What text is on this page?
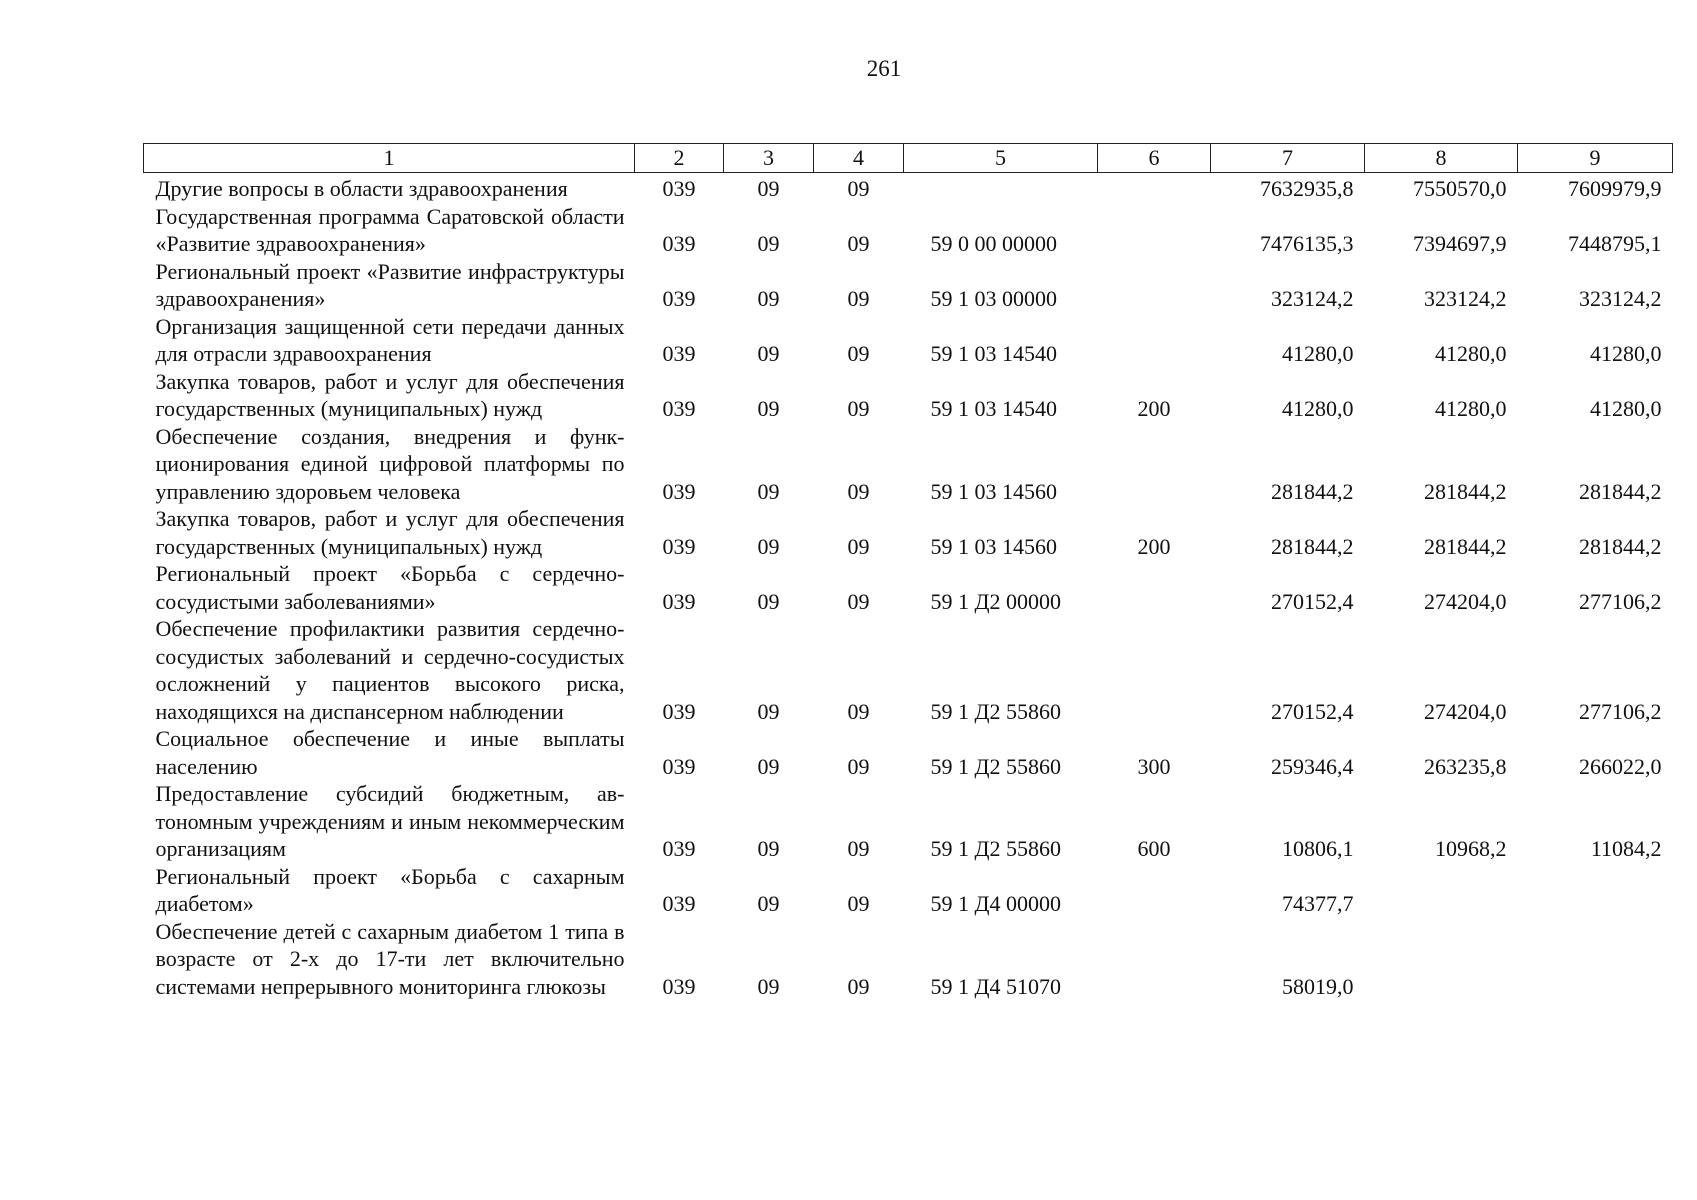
261
1	2	3	4	5	6	7	8	9
Другие вопросы в области здравоохранения	039	09	09			7632935,8	7550570,0	7609979,9
Государственная программа Саратовской области «Развитие здравоохранения»	039	09	09	59 0 00 00000		7476135,3	7394697,9	7448795,1
Региональный проект «Развитие инфраструктуры здравоохранения»	039	09	09	59 1 03 00000		323124,2	323124,2	323124,2
Организация защищенной сети передачи данных для отрасли здравоохранения	039	09	09	59 1 03 14540		41280,0	41280,0	41280,0
Закупка товаров, работ и услуг для обеспечения государственных (муниципальных) нужд	039	09	09	59 1 03 14540	200	41280,0	41280,0	41280,0
Обеспечение создания, внедрения и функционирования единой цифровой платформы по управлению здоровьем человека	039	09	09	59 1 03 14560		281844,2	281844,2	281844,2
Закупка товаров, работ и услуг для обеспечения государственных (муниципальных) нужд	039	09	09	59 1 03 14560	200	281844,2	281844,2	281844,2
Региональный проект «Борьба с сердечно-сосудистыми заболеваниями»	039	09	09	59 1 Д2 00000		270152,4	274204,0	277106,2
Обеспечение профилактики развития сердечно-сосудистых заболеваний и сердечно-сосудистых осложнений у пациентов высокого риска, находящихся на диспансерном наблюдении	039	09	09	59 1 Д2 55860		270152,4	274204,0	277106,2
Социальное обеспечение и иные выплаты населению	039	09	09	59 1 Д2 55860	300	259346,4	263235,8	266022,0
Предоставление субсидий бюджетным, автономным учреждениям и иным некоммерческим организациям	039	09	09	59 1 Д2 55860	600	10806,1	10968,2	11084,2
Региональный проект «Борьба с сахарным диабетом»	039	09	09	59 1 Д4 00000		74377,7		
Обеспечение детей с сахарным диабетом 1 типа в возрасте от 2-х до 17-ти лет включительно системами непрерывного мониторинга глюкозы	039	09	09	59 1 Д4 51070		58019,0		
